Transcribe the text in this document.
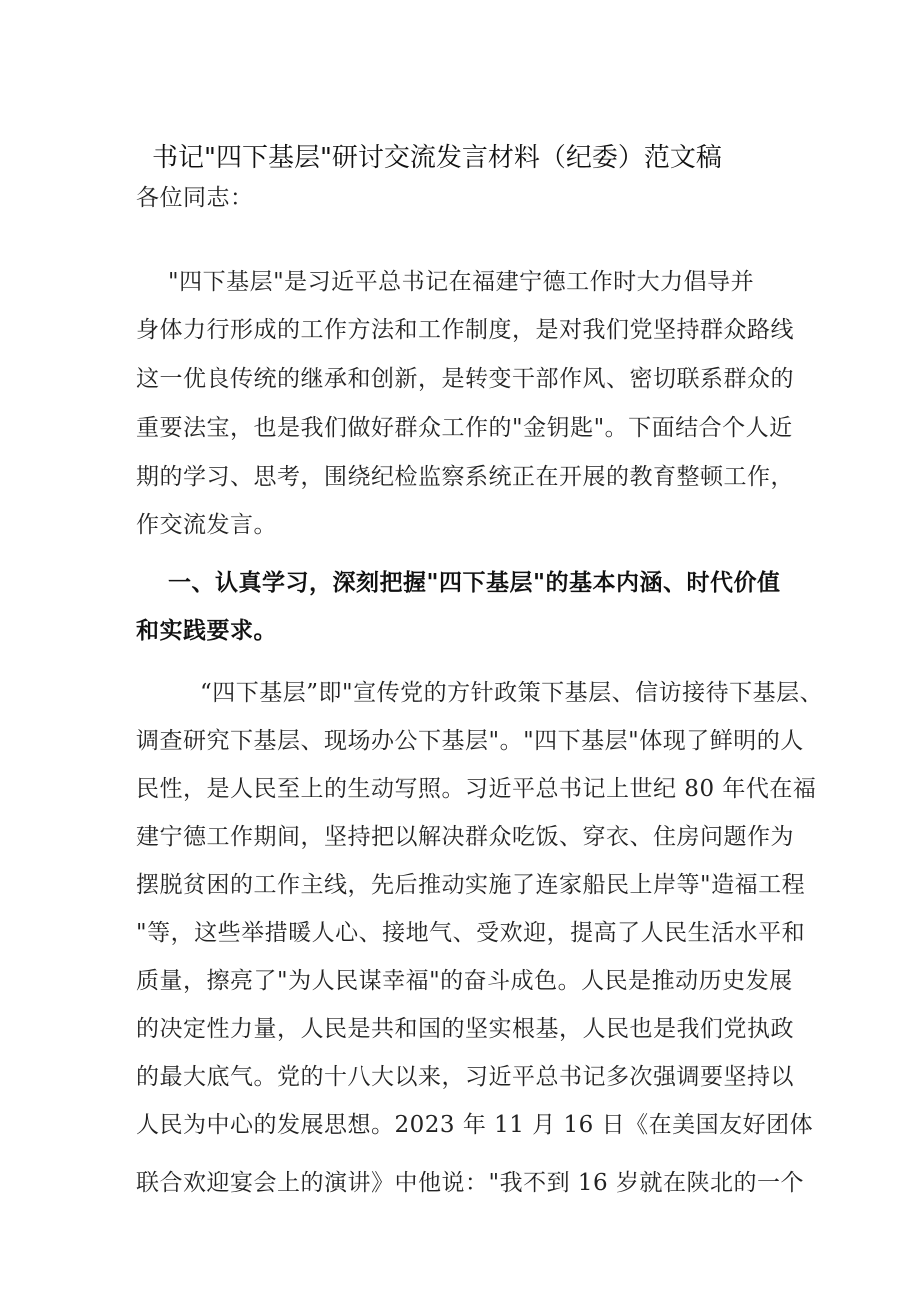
书记"四下基层"研讨交流发言材料（纪委）范文稿
各位同志：
"四下基层"是习近平总书记在福建宁德工作时大力倡导并
身体力行形成的工作方法和工作制度，是对我们党坚持群众路线
这一优良传统的继承和创新，是转变干部作风、密切联系群众的
重要法宝，也是我们做好群众工作的"金钥匙"。下面结合个人近
期的学习、思考，围绕纪检监察系统正在开展的教育整顿工作，
作交流发言。
一、认真学习，深刻把握"四下基层"的基本内涵、时代价值
和实践要求。
“四下基层”即"宣传党的方针政策下基层、信访接待下基层、
调查研究下基层、现场办公下基层"。"四下基层"体现了鲜明的人
民性，是人民至上的生动写照。习近平总书记上世纪 80 年代在福
建宁德工作期间，坚持把以解决群众吃饭、穿衣、住房问题作为
摆脱贫困的工作主线，先后推动实施了连家船民上岸等"造福工程
"等，这些举措暖人心、接地气、受欢迎，提高了人民生活水平和
质量，擦亮了"为人民谋幸福"的奋斗成色。人民是推动历史发展
的决定性力量，人民是共和国的坚实根基，人民也是我们党执政
的最大底气。党的十八大以来，习近平总书记多次强调要坚持以
人民为中心的发展思想。2023 年 11 月 16 日《在美国友好团体
联合欢迎宴会上的演讲》中他说："我不到 16 岁就在陕北的一个
